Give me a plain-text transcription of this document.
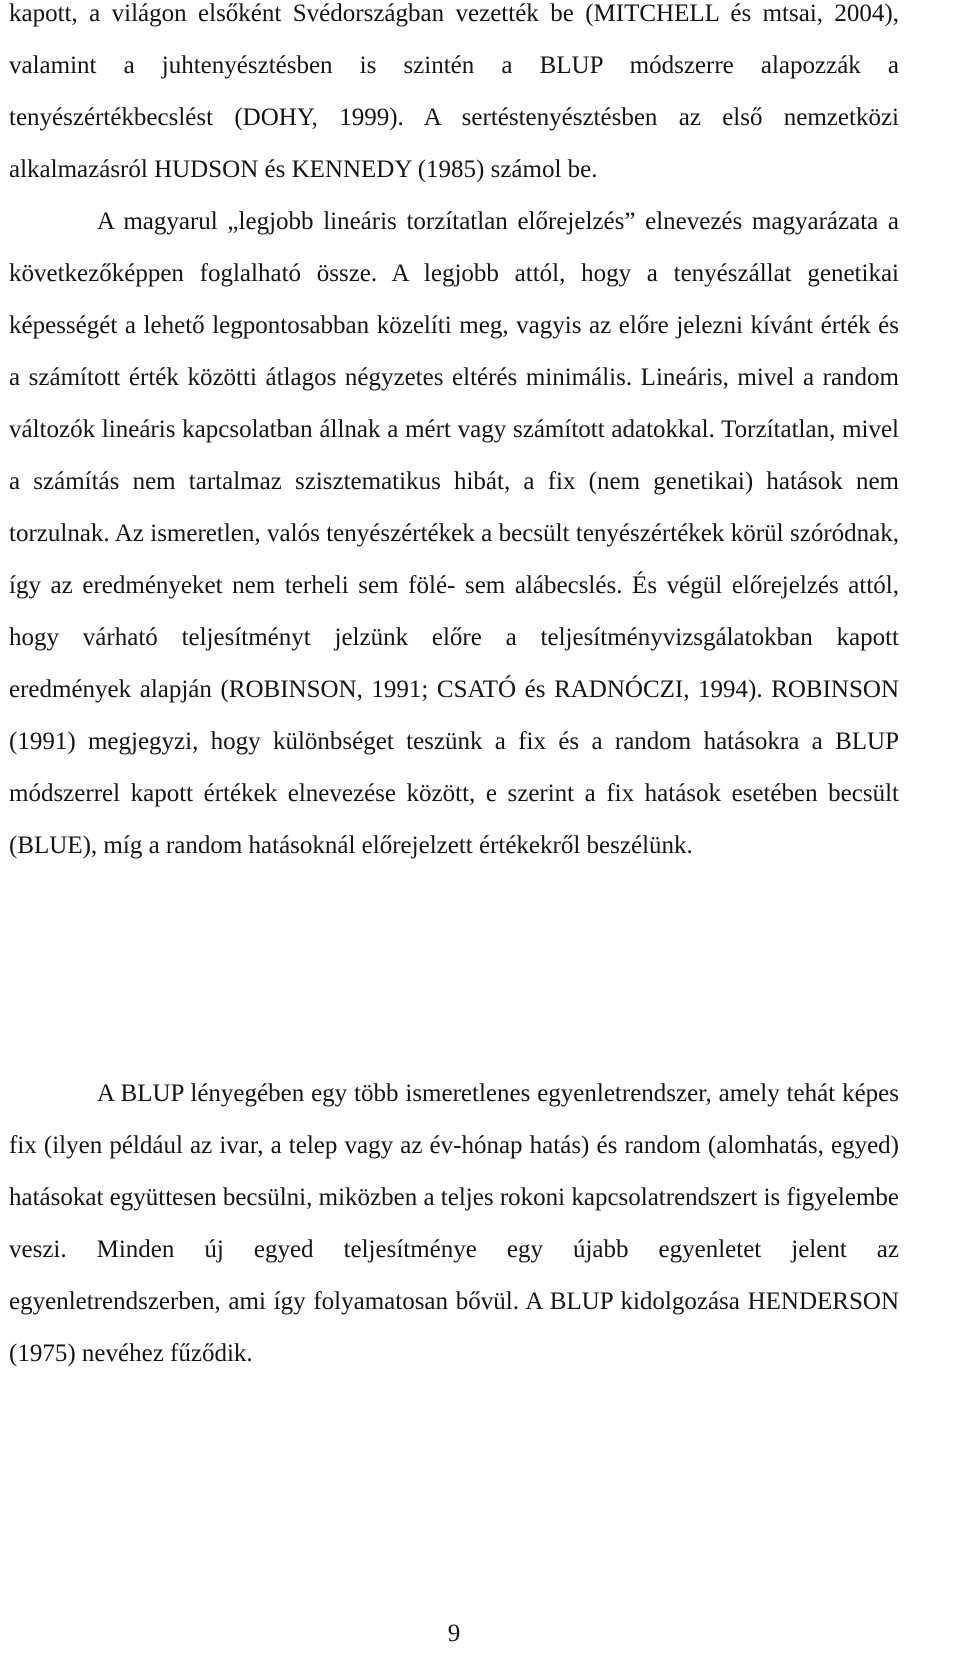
kapott, a világon elsőként Svédországban vezették be (MITCHELL és mtsai, 2004), valamint a juhtenyésztésben is szintén a BLUP módszerre alapozzák a tenyészértékbecslést (DOHY, 1999). A sertéstenyésztésben az első nemzetközi alkalmazásról HUDSON és KENNEDY (1985) számol be.

A magyarul „legjobb lineáris torzítatlan előrejelzés” elnevezés magyarázata a következőképpen foglalható össze. A legjobb attól, hogy a tenyészállat genetikai képességét a lehető legpontosabban közelíti meg, vagyis az előre jelezni kívánt érték és a számított érték közötti átlagos négyzetes eltérés minimális. Lineáris, mivel a random változók lineáris kapcsolatban állnak a mért vagy számított adatokkal. Torzítatlan, mivel a számítás nem tartalmaz szisztematikus hibát, a fix (nem genetikai) hatások nem torzulnak. Az ismeretlen, valós tenyészértékek a becsült tenyészértékek körül szóródnak, így az eredményeket nem terheli sem fölé- sem alábecslés. És végül előrejelzés attól, hogy várható teljesítményt jelzünk előre a teljesítményvizsgálatokban kapott eredmények alapján (ROBINSON, 1991; CSATÓ és RADNÓCZI, 1994). ROBINSON (1991) megjegyzi, hogy különbséget teszünk a fix és a random hatásokra a BLUP módszerrel kapott értékek elnevezése között, e szerint a fix hatások esetében becsült (BLUE), míg a random hatásoknál előrejelzett értékekről beszélünk.

A BLUP lényegében egy több ismeretlenes egyenletrendszer, amely tehát képes fix (ilyen például az ivar, a telep vagy az év-hónap hatás) és random (alomhatás, egyed) hatásokat együttesen becsülni, miközben a teljes rokoni kapcsolatrendszert is figyelembe veszi. Minden új egyed teljesítménye egy újabb egyenletet jelent az egyenletrendszerben, ami így folyamatosan bővül. A BLUP kidolgozása HENDERSON (1975) nevéhez fűződik.

9
